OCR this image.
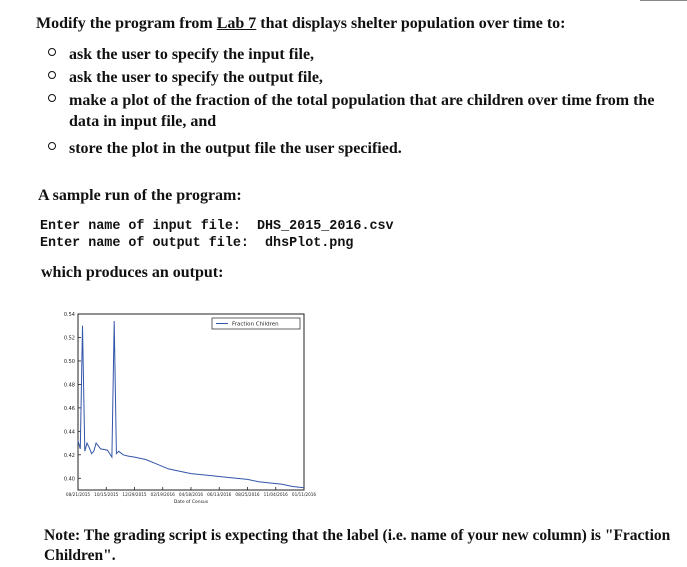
Modify the program from Lab 7 that displays shelter population over time to:
ask the user to specify the input file,
ask the user to specify the output file,
make a plot of the fraction of the total population that are children over time from the data in input file, and
store the plot in the output file the user specified.
A sample run of the program:
Enter name of input file: DHS_2015_2016.csv
Enter name of output file: dhsPlot.png
which produces an output:
0.54
0.52
0.50
0.48
0.46
0.44
0.42
0.40
08/21/2015 10/15/2015 12/29/2015 02/19/2016 04/18/2016 06/13/2016 08/25/2016 11/04/2016 01/11/2016
Date of Census
Fraction Children
Note: The grading script is expecting that the label (i.e. name of your new column) is "Fraction Children".
